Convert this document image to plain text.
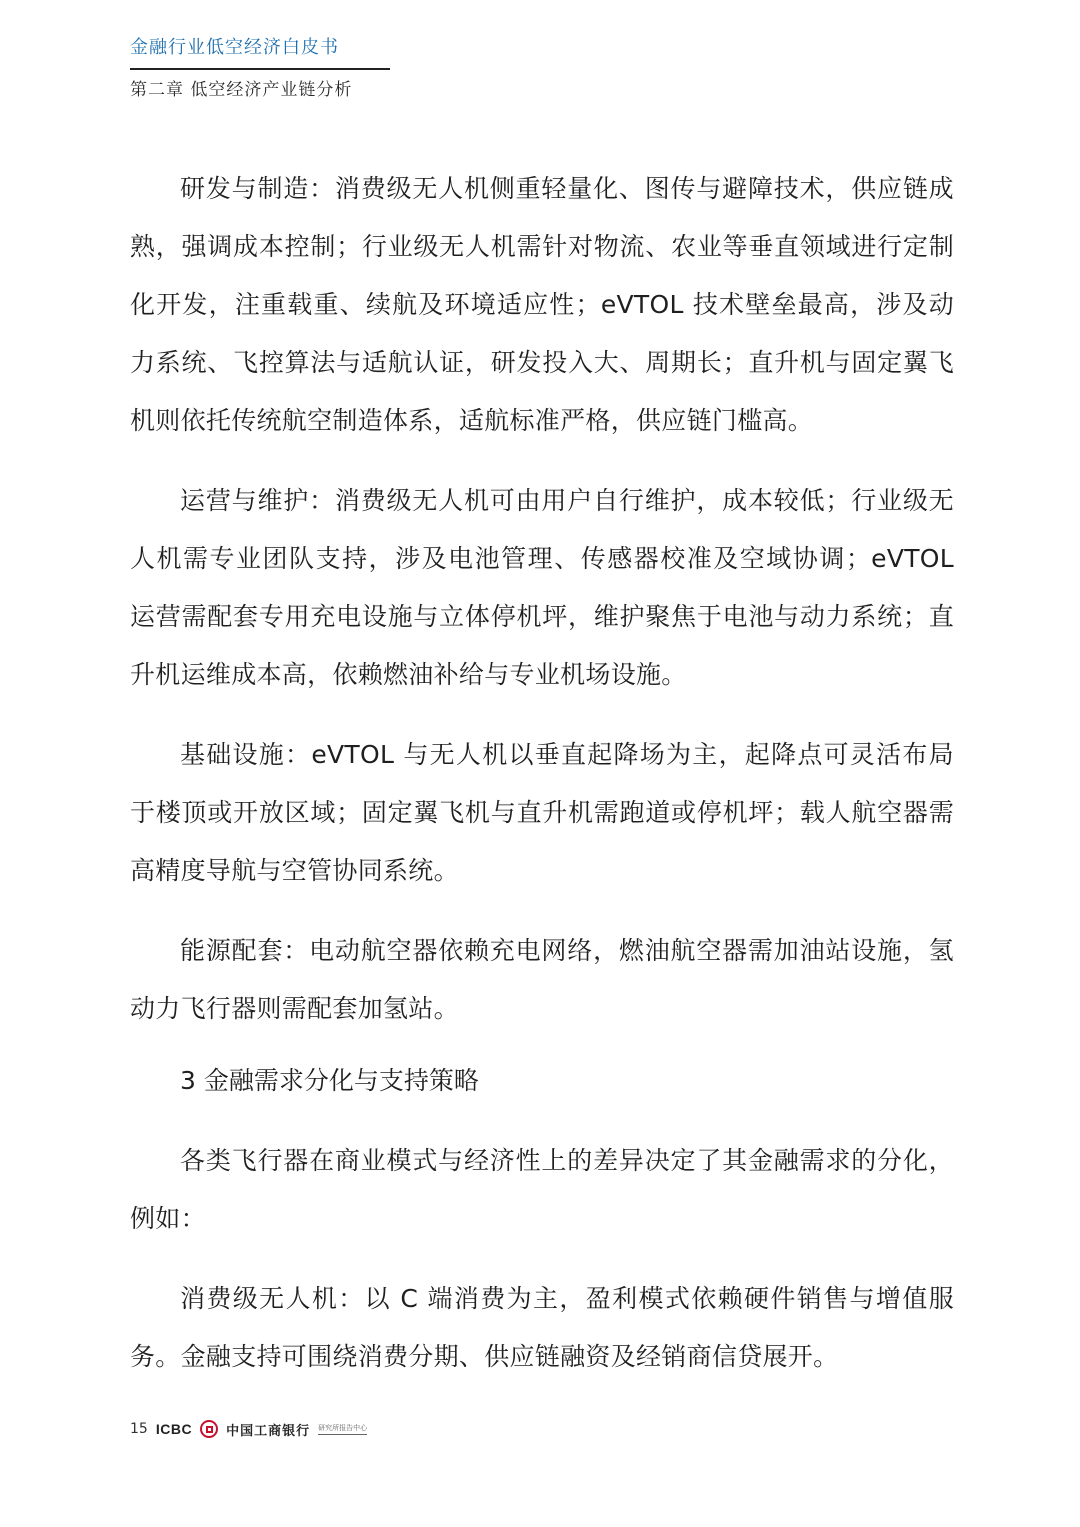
金融行业低空经济白皮书
第二章 低空经济产业链分析

研发与制造：消费级无人机侧重轻量化、图传与避障技术，供应链成熟，强调成本控制；行业级无人机需针对物流、农业等垂直领域进行定制化开发，注重载重、续航及环境适应性；eVTOL 技术壁垒最高，涉及动力系统、飞控算法与适航认证，研发投入大、周期长；直升机与固定翼飞机则依托传统航空制造体系，适航标准严格，供应链门槛高。

运营与维护：消费级无人机可由用户自行维护，成本较低；行业级无人机需专业团队支持，涉及电池管理、传感器校准及空域协调；eVTOL 运营需配套专用充电设施与立体停机坪，维护聚焦于电池与动力系统；直升机运维成本高，依赖燃油补给与专业机场设施。

基础设施：eVTOL 与无人机以垂直起降场为主，起降点可灵活布局于楼顶或开放区域；固定翼飞机与直升机需跑道或停机坪；载人航空器需高精度导航与空管协同系统。

能源配套：电动航空器依赖充电网络，燃油航空器需加油站设施，氢动力飞行器则需配套加氢站。

3 金融需求分化与支持策略

各类飞行器在商业模式与经济性上的差异决定了其金融需求的分化，例如：

消费级无人机：以 C 端消费为主，盈利模式依赖硬件销售与增值服务。金融支持可围绕消费分期、供应链融资及经销商信贷展开。

15 ICBC	中国工商银行 研究所报告中心
